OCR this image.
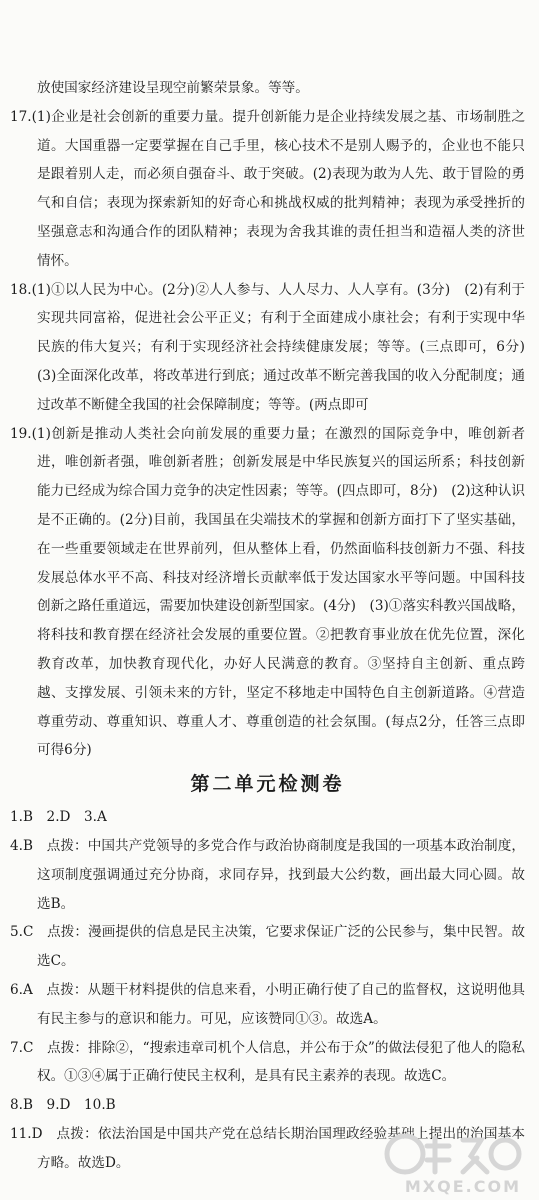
放使国家经济建设呈现空前繁荣景象。等等。
17.(1)企业是社会创新的重要力量。提升创新能力是企业持续发展之基、市场制胜之道。大国重器一定要掌握在自己手里，核心技术不是别人赐予的，企业也不能只是跟着别人走，而必须自强奋斗、敢于突破。(2)表现为敢为人先、敢于冒险的勇气和自信；表现为探索新知的好奇心和挑战权威的批判精神；表现为承受挫折的坚强意志和沟通合作的团队精神；表现为舍我其谁的责任担当和造福人类的济世情怀。
18.(1)①以人民为中心。(2分)②人人参与、人人尽力、人人享有。(3分)　(2)有利于实现共同富裕，促进社会公平正义；有利于全面建成小康社会；有利于实现中华民族的伟大复兴；有利于实现经济社会持续健康发展；等等。(三点即可，6分)　(3)全面深化改革，将改革进行到底；通过改革不断完善我国的收入分配制度；通过改革不断健全我国的社会保障制度；等等。(两点即可
19.(1)创新是推动人类社会向前发展的重要力量；在激烈的国际竞争中，唯创新者进，唯创新者强，唯创新者胜；创新发展是中华民族复兴的国运所系；科技创新能力已经成为综合国力竞争的决定性因素；等等。(四点即可，8分)　(2)这种认识是不正确的。(2分)目前，我国虽在尖端技术的掌握和创新方面打下了坚实基础，在一些重要领域走在世界前列，但从整体上看，仍然面临科技创新力不强、科技发展总体水平不高、科技对经济增长贡献率低于发达国家水平等问题。中国科技创新之路任重道远，需要加快建设创新型国家。(4分)　(3)①落实科教兴国战略，将科技和教育摆在经济社会发展的重要位置。②把教育事业放在优先位置，深化教育改革，加快教育现代化，办好人民满意的教育。③坚持自主创新、重点跨越、支撑发展、引领未来的方针，坚定不移地走中国特色自主创新道路。④营造尊重劳动、尊重知识、尊重人才、尊重创造的社会氛围。(每点2分，任答三点即可得6分)
第二单元检测卷
1.B　2.D　3.A
4.B　点拨：中国共产党领导的多党合作与政治协商制度是我国的一项基本政治制度，这项制度强调通过充分协商，求同存异，找到最大公约数，画出最大同心圆。故选B。
5.C　点拨：漫画提供的信息是民主决策，它要求保证广泛的公民参与，集中民智。故选C。
6.A　点拨：从题干材料提供的信息来看，小明正确行使了自己的监督权，这说明他具有民主参与的意识和能力。可见，应该赞同①③。故选A。
7.C　点拨：排除②，“搜索违章司机个人信息，并公布于众”的做法侵犯了他人的隐私权。①③④属于正确行使民主权利，是具有民主素养的表现。故选C。
8.B　9.D　10.B
11.D　点拨：依法治国是中国共产党在总结长期治国理政经验基础上提出的治国基本方略。故选D。
MXQE.COM
